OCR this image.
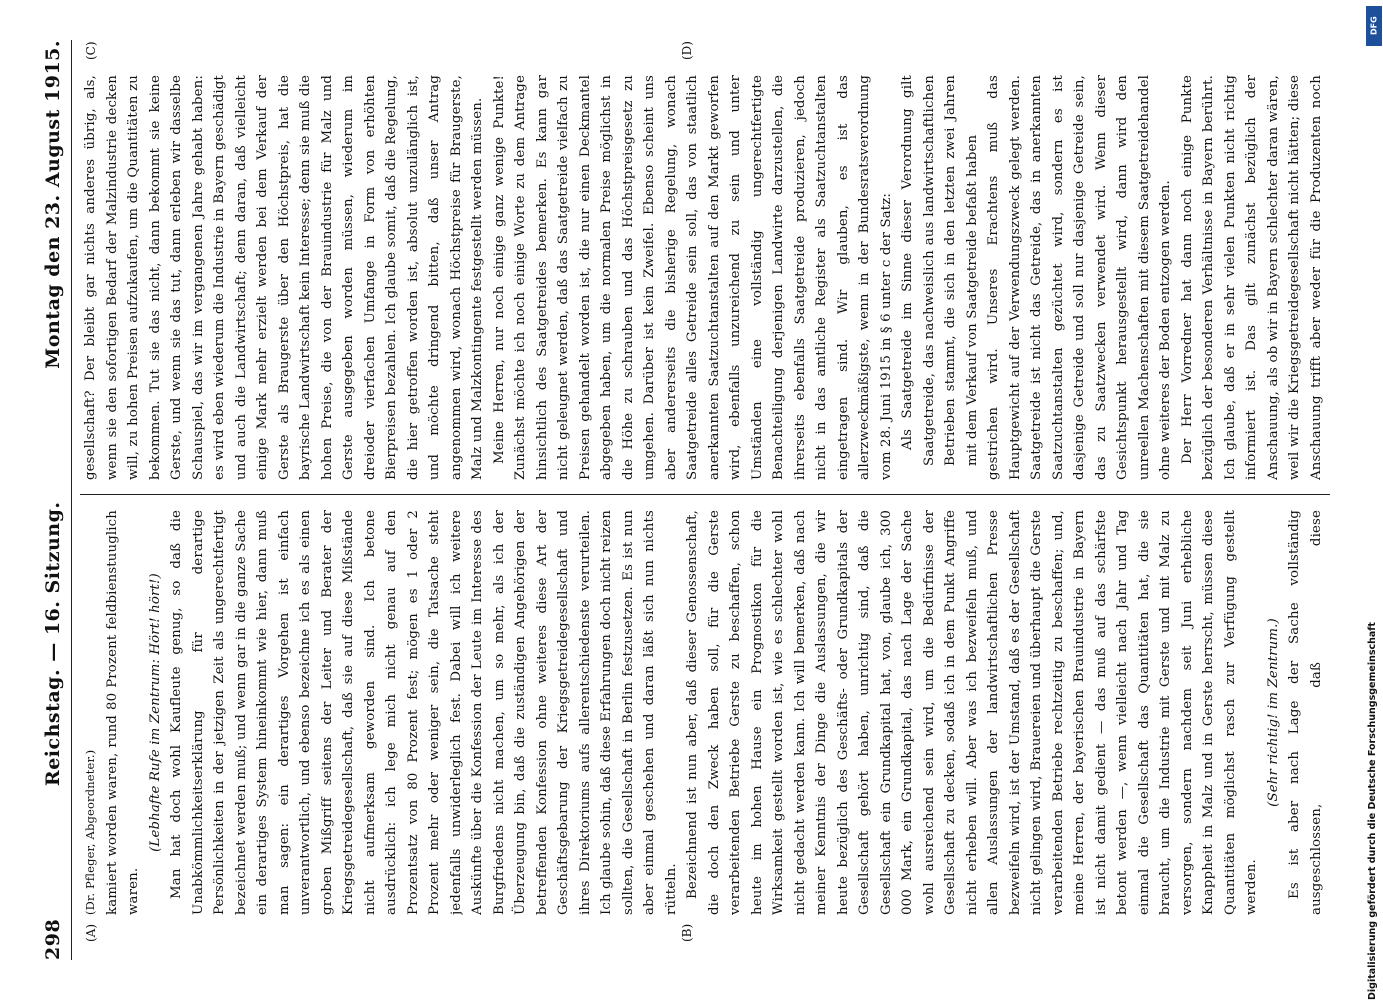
298
Reichstag. — 16. Sitzung.
Montag den 23. August 1915.
(A)	(B)
(C)	(D)

(Dr. Pfleger, Abgeordneter.) kamiert worden waren, rund 80 Prozent feldbienstuuglich waren.

(Lebhafte Rufe im Zentrum: Hört! hört!) Man hat doch wohl Kaufleute genug, so daß die Unabkömmlichkeitserklärung für derartige Persönlichkeiten in der jetzigen Zeit als ungerechtfertigt bezeichnet werden muß; und wenn gar in die ganze Sache ein derartiges System hineinkommt wie hier, dann muß man sagen: ein derartiges Vorgehen ist einfach unverantwortlich, und ebenso bezeichne ich es als einen groben Mißgriff seitens der Leiter und Berater der Kriegsgetreidegesellschaft, daß sie auf diese Mißstände nicht aufmerksam geworden sind. Ich betone ausdrücklich: ich lege mich nicht genau auf den Prozentsatz von 80 Prozent fest; mögen es 1 oder 2 Prozent mehr oder weniger sein, die Tatsache steht jedenfalls unwiderleglich fest. Dabei will ich weitere Auskünfte über die Konfession der Leute im Interesse des Burgfriedens nicht machen, um so mehr, als ich der Überzeugung bin, daß die zuständigen Angehörigen der betreffenden Konfession ohne weiteres diese Art der Geschäftsgebarung der Kriegsgetreidegesellschaft und ihres Direktoriums aufs allerentschiedenste verurteilen. Ich glaube sohin, daß diese Erfahrungen doch nicht reizen sollten, die Gesellschaft in Berlin festzusetzen. Es ist nun aber einmal geschehen und daran läßt sich nun nichts rütteln. Bezeichnend ist nun aber, daß dieser Genossenschaft, die doch den Zweck haben soll, für die Gerste verarbeitenden Betriebe Gerste zu beschaffen, schon heute im hohen Hause ein Prognostikon für die Wirksamkeit gestellt worden ist, wie es schlechter wohl nicht gedacht werden kann. Ich will bemerken, daß nach meiner Kenntnis der Dinge die Auslassungen, die wir heute bezüglich des Geschäfts- oder Grundkapitals der Gesellschaft gehört haben, unrichtig sind, daß die Gesellschaft ein Grundkapital hat, von, glaube ich, 300 000 Mark, ein Grundkapital, das nach Lage der Sache wohl ausreichend sein wird, um die Bedürfnisse der Gesellschaft zu decken, sodaß ich in dem Punkt Angriffe nicht erheben will. Aber was ich bezweifeln muß, und allen Auslassungen der landwirtschaftlichen Presse bezweifeln wird, ist der Umstand, daß es der Gesellschaft nicht gelingen wird, Brauereien und überhaupt die Gerste verarbeitenden Betriebe rechtzeitig zu beschaffen; und, meine Herren, der bayerischen Brauindustrie in Bayern ist nicht damit gedient — das muß auf das schärfste betont werden —, wenn vielleicht nach Jahr und Tag einmal die Gesellschaft das Quantitäten hat, die sie braucht, um die Industrie mit Gerste und mit Malz zu versorgen, sondern nachdem seit Juni erhebliche Knappheit in Malz und in Gerste herrscht, müssen diese Quantitäten möglichst rasch zur Verfügung gestellt werden.

(Sehr richtig! im Zentrum.)

Es ist aber nach Lage der Sache vollständig ausgeschlossen, daß diese

gesellschaft? Der bleibt gar nichts anderes übrig, als, wenn sie den sofortigen Bedarf der Malzindustrie decken will, zu hohen Preisen aufzukaufen, um die Quantitäten zu bekommen. Tut sie das nicht, dann bekommt sie keine Gerste, und wenn sie das tut, dann erleben wir dasselbe Schauspiel, das wir im vergangenen Jahre gehabt haben: es wird eben wiederum die Industrie in Bayern geschädigt und auch die Landwirtschaft; denn daran, daß vielleicht einige Mark mehr erzielt werden bei dem Verkauf der Gerste als Braugerste über den Höchstpreis, hat die bayrische Landwirtschaft kein Interesse; denn sie muß die hohen Preise, die von der Brauindustrie für Malz und Gerste ausgegeben worden müssen, wiederum im dreioder vierfachen Umfange in Form von erhöhten Bierpreisen bezahlen. Ich glaube somit, daß die Regelung, die hier getroffen worden ist, absolut unzulänglich ist, und möchte dringend bitten, daß unser Antrag angenommen wird, wonach Höchstpreise für Braugerste, Malz und Malzkontingente festgestellt werden müssen. Meine Herren, nur noch einige ganz wenige Punkte! Zunächst möchte ich noch einige Worte zu dem Antrage hinsichtlich des Saatgetreides bemerken. Es kann gar nicht geleugnet werden, daß das Saatgetreide vielfach zu Preisen gehandelt worden ist, die nur einen Deckmantel abgegeben haben, um die normalen Preise möglichst in die Höhe zu schrauben und das Höchstpreisgesetz zu umgehen. Darüber ist kein Zweifel. Ebenso scheint uns aber andererseits die bisherige Regelung, wonach Saatgetreide alles Getreide sein soll, das von staatlich anerkannten Saatzuchtanstalten auf den Markt geworfen wird, ebenfalls unzureichend zu sein und unter Umständen eine vollständig ungerechtfertigte Benachteiligung derjenigen Landwirte darzustellen, die ihrerseits ebenfalls Saatgetreide produzieren, jedoch nicht in das amtliche Register als Saatzuchtanstalten eingetragen sind. Wir glauben, es ist das allerzweckmäßigste, wenn in der Bundesratsverordnung vom 28. Juni 1915 in § 6 unter c der Satz: Als Saatgetreide im Sinne dieser Verordnung gilt Saatgetreide, das nachweislich aus landwirtschaftlichen Betrieben stammt, die sich in den letzten zwei Jahren mit dem Verkauf von Saatgetreide befaßt haben gestrichen wird. Unseres Erachtens muß das Hauptgewicht auf der Verwendungszweck gelegt werden. Saatgetreide ist nicht das Getreide, das in anerkannten Saatzuchtanstalten gezüchtet wird, sondern es ist dasjenige Getreide und soll nur dasjenige Getreide sein, das zu Saatzwecken verwendet wird. Wenn dieser Gesichtspunkt herausgestellt wird, dann wird den unreellen Machenschaften mit diesem Saatgetreidehandel ohne weiteres der Boden entzogen werden. Der Herr Vorredner hat dann noch einige Punkte bezüglich der besonderen Verhältnisse in Bayern berührt. Ich glaube, daß er in sehr vielen Punkten nicht richtig informiert ist. Das gilt zunächst bezüglich der Anschauung, als ob wir in Bayern schlechter daran wären, weil wir die Kriegsgetreidegesellschaft nicht hätten; diese Anschauung trifft aber weder für die Produzenten noch

DFG
Digitalisierung gefördert durch die Deutsche Forschungsgemeinschaft
